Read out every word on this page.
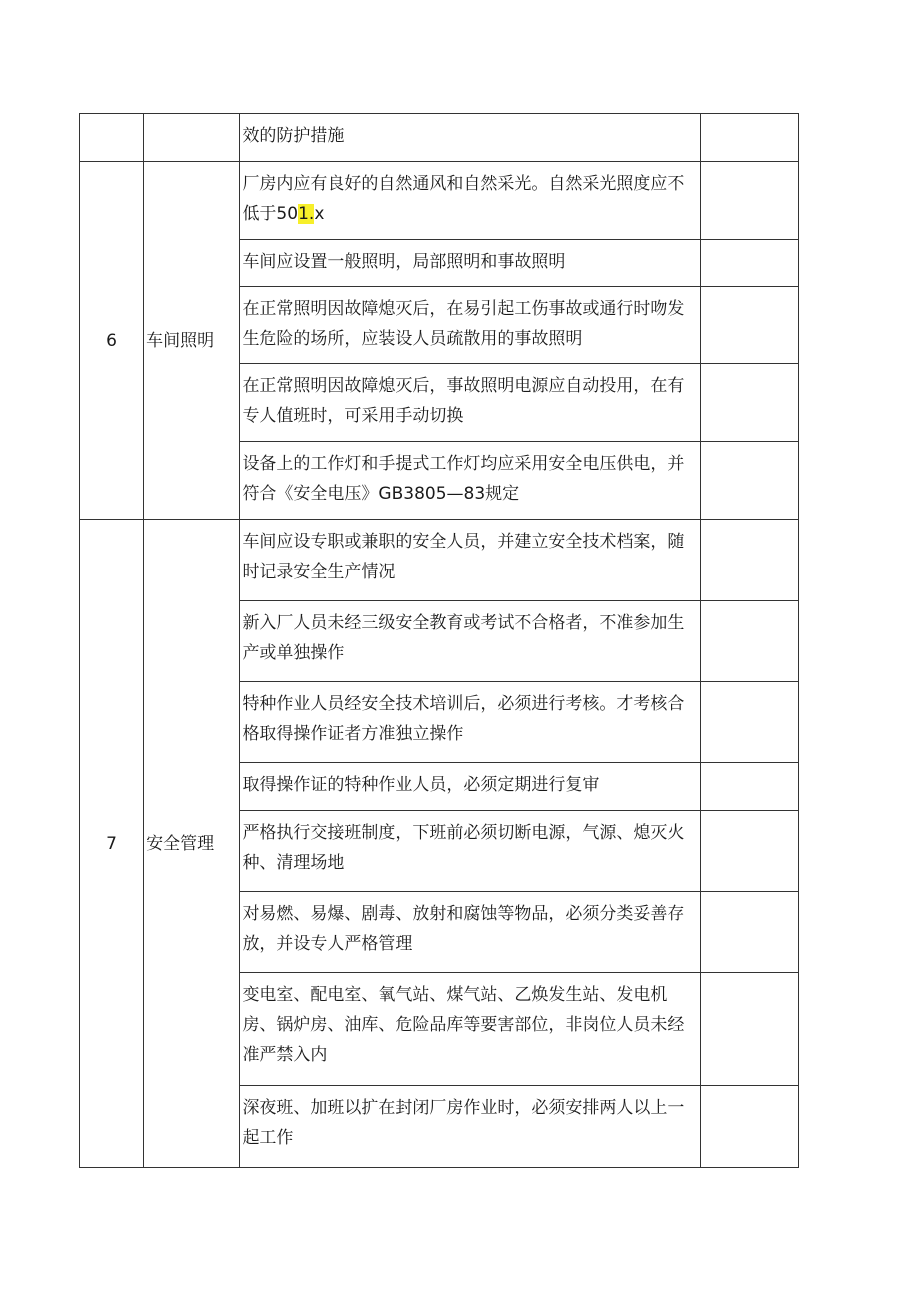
		效的防护措施	

6	车间照明	厂房内应有良好的自然通风和自然采光。自然采光照度应不低于501.x	

		车间应设置一般照明，局部照明和事故照明	

		在正常照明因故障熄灭后，在易引起工伤事故或通行时吻发生危险的场所，应装设人员疏散用的事故照明	

		在正常照明因故障熄灭后，事故照明电源应自动投用，在有专人值班时，可采用手动切换	

		设备上的工作灯和手提式工作灯均应采用安全电压供电，并符合《安全电压》GB3805—83规定	

7	安全管理	车间应设专职或兼职的安全人员，并建立安全技术档案，随时记录安全生产情况	

		新入厂人员未经三级安全教育或考试不合格者，不准参加生产或单独操作	

		特种作业人员经安全技术培训后，必须进行考核。才考核合格取得操作证者方准独立操作	

		取得操作证的特种作业人员，必须定期进行复审	

		严格执行交接班制度，下班前必须切断电源，气源、熄灭火种、清理场地	

		对易燃、易爆、剧毒、放射和腐蚀等物品，必须分类妥善存放，并设专人严格管理	

		变电室、配电室、氧气站、煤气站、乙焕发生站、发电机房、锅炉房、油库、危险品库等要害部位，非岗位人员未经准严禁入内	

		深夜班、加班以扩在封闭厂房作业时，必须安排两人以上一起工作	
